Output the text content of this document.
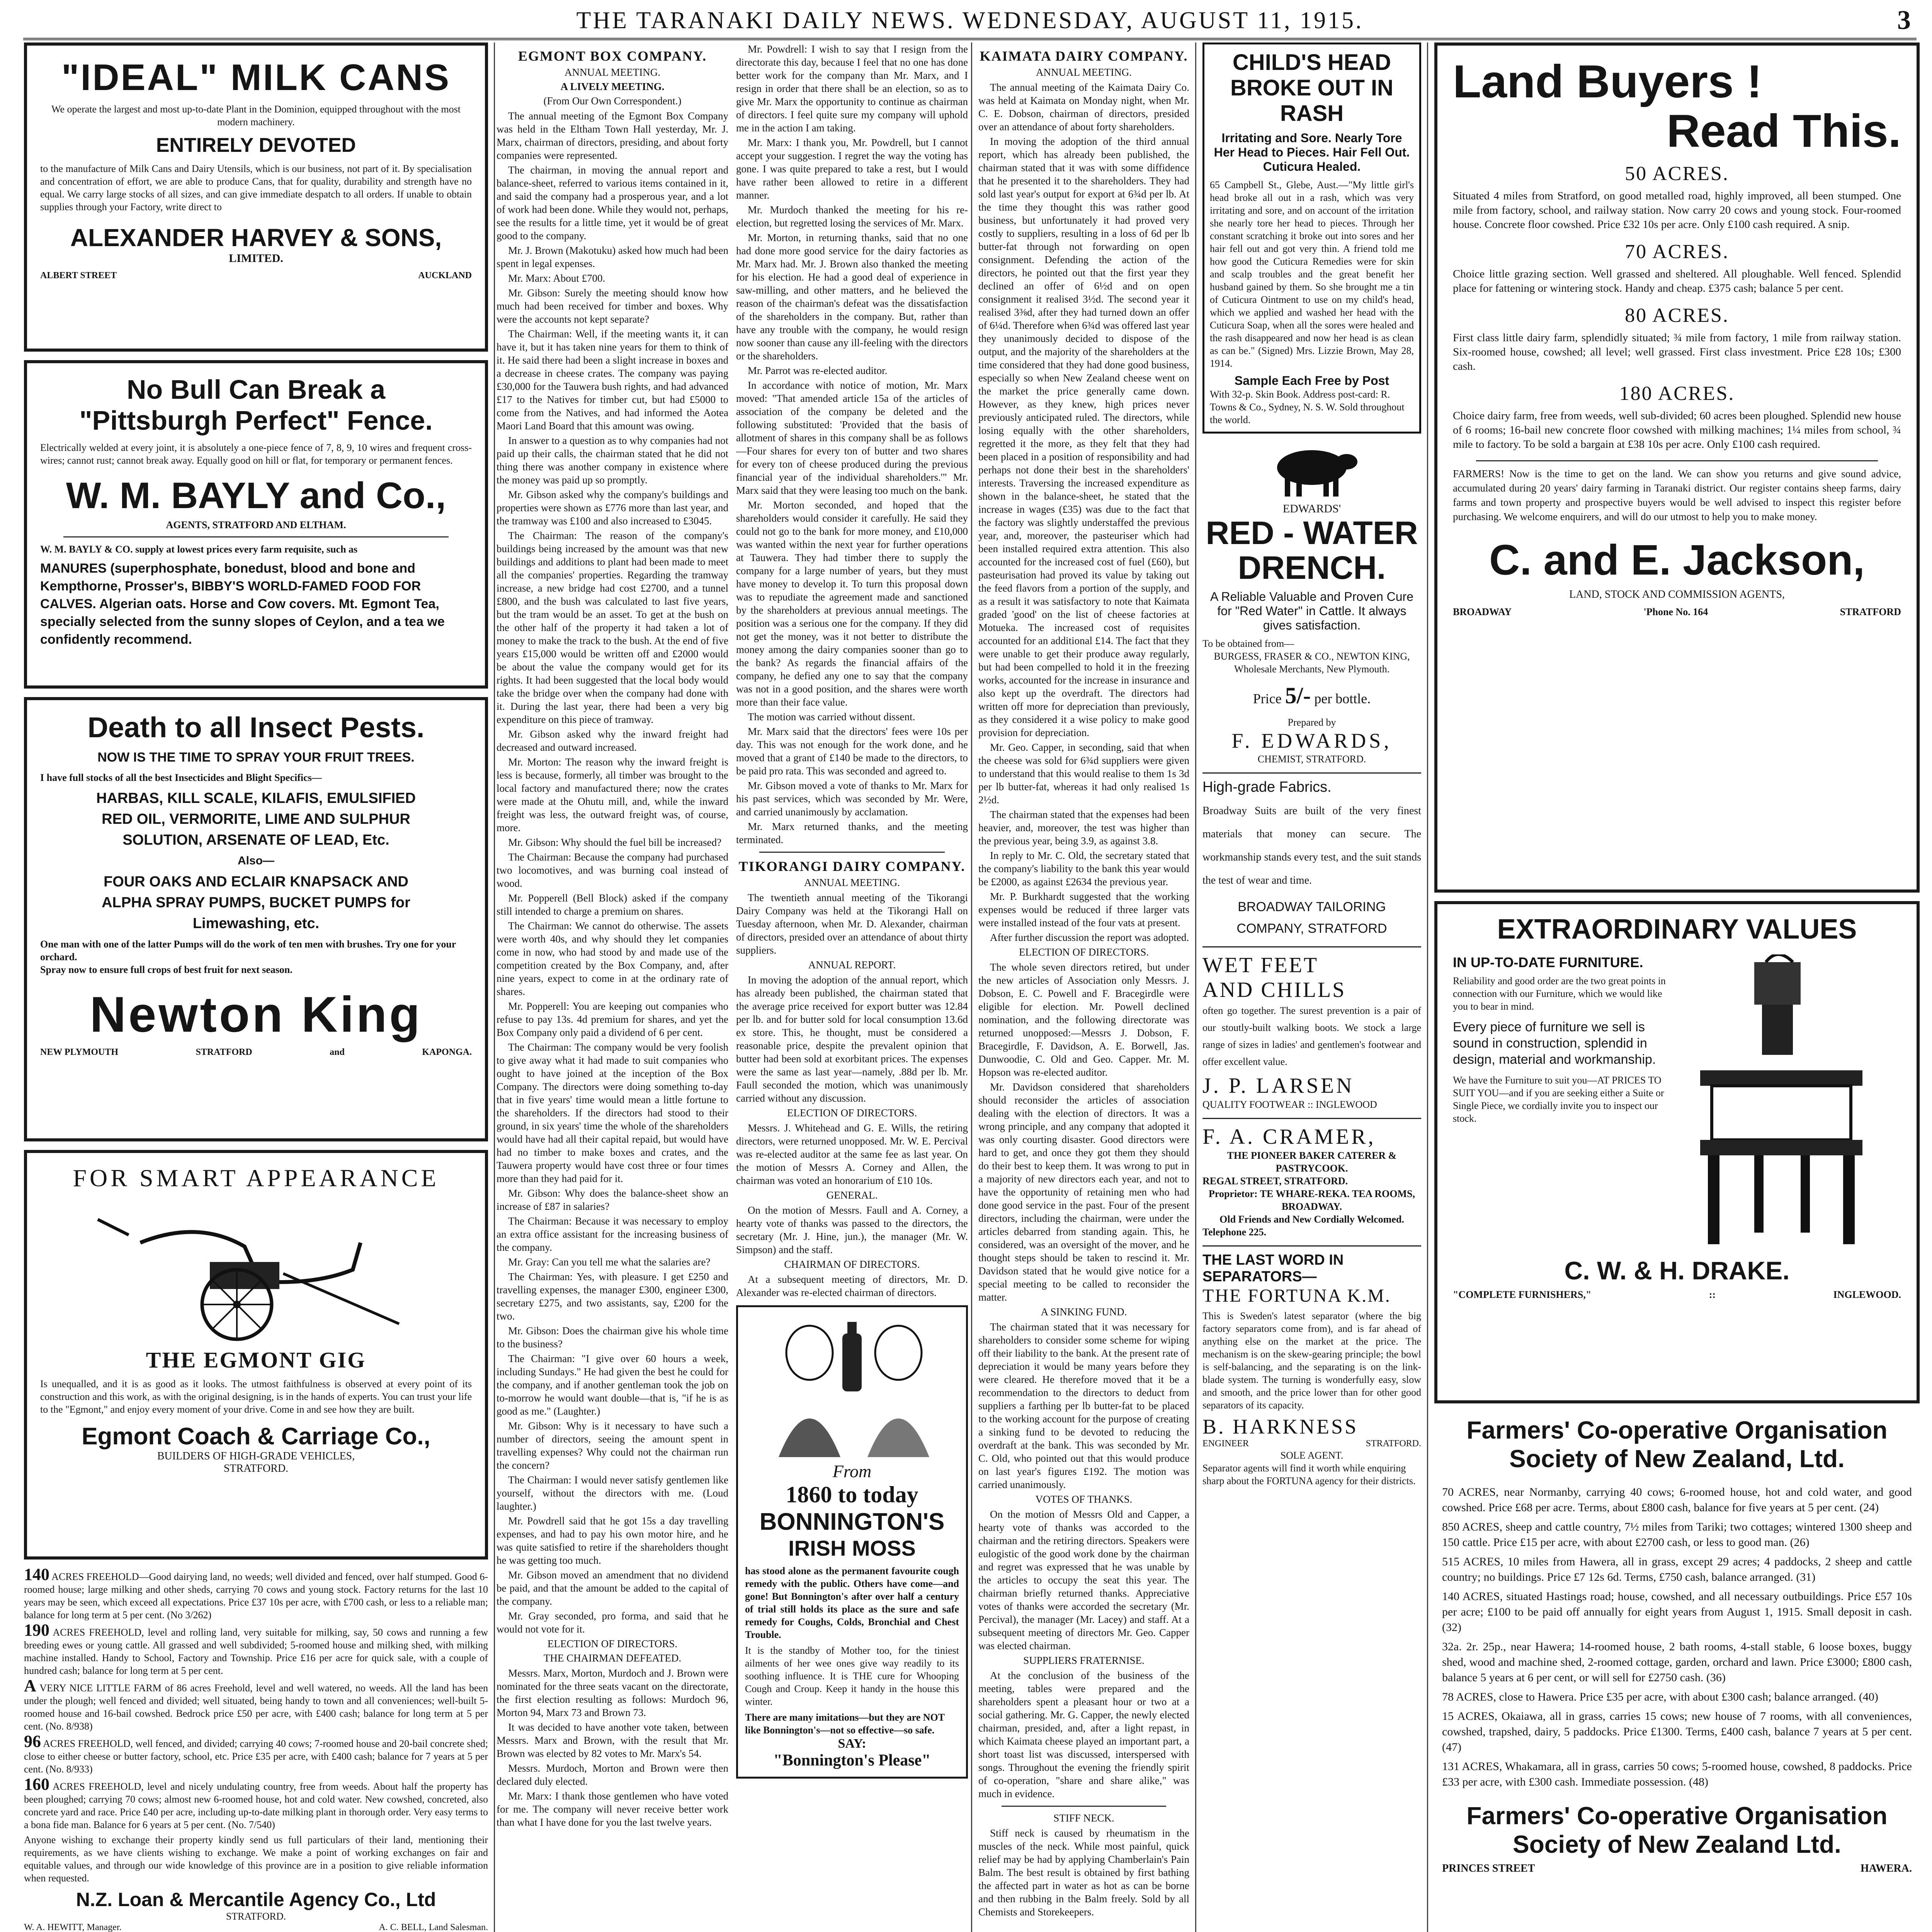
THE TARANAKI DAILY NEWS. WEDNESDAY, AUGUST 11, 1915.	3
"IDEAL" MILK CANS
We operate the largest and most up-to-date Plant in the Dominion, equipped throughout with the most modern machinery.
ENTIRELY DEVOTED
to the manufacture of Milk Cans and Dairy Utensils, which is our business, not part of it. By specialisation and concentration of effort, we are able to produce Cans, that for quality, durability and strength have no equal. We carry large stocks of all sizes, and can give immediate despatch to all orders. If unable to obtain supplies through your Factory, write direct to
ALEXANDER HARVEY & SONS,
LIMITED.
ALBERT STREET	AUCKLAND
No Bull Can Break a
"Pittsburgh Perfect" Fence.
Electrically welded at every joint, it is absolutely a one-piece fence of 7, 8, 9, 10 wires and frequent cross-wires; cannot rust; cannot break away. Equally good on hill or flat, for temporary or permanent fences.
W. M. BAYLY and Co.,
AGENTS, STRATFORD AND ELTHAM.
W. M. BAYLY & CO. supply at lowest prices every farm requisite, such as
MANURES (superphosphate, bonedust, blood and bone and Kempthorne, Prosser's, BIBBY'S WORLD-FAMED FOOD FOR CALVES. Algerian oats. Horse and Cow covers. Mt. Egmont Tea, specially selected from the sunny slopes of Ceylon, and a tea we confidently recommend.
Death to all Insect Pests.
NOW IS THE TIME TO SPRAY YOUR FRUIT TREES.
I have full stocks of all the best Insecticides and Blight Specifics—
HARBAS, KILL SCALE, KILAFIS, EMULSIFIED
RED OIL, VERMORITE, LIME AND SULPHUR
SOLUTION, ARSENATE OF LEAD, Etc.
Also—
FOUR OAKS AND ECLAIR KNAPSACK AND
ALPHA SPRAY PUMPS, BUCKET PUMPS for
Limewashing, etc.
One man with one of the latter Pumps will do the work of ten men with brushes. Try one for your orchard.
Spray now to ensure full crops of best fruit for next season.
Newton King
NEW PLYMOUTH	STRATFORD	and	KAPONGA.
FOR SMART APPEARANCE
THE EGMONT GIG
Is unequalled, and it is as good as it looks. The utmost faithfulness is observed at every point of its construction and this work, as with the original designing, is in the hands of experts. You can trust your life to the "Egmont," and enjoy every moment of your drive. Come in and see how they are built.
Egmont Coach & Carriage Co.,
BUILDERS OF HIGH-GRADE VEHICLES,
STRATFORD.
140 ACRES FREEHOLD—Good dairying land, no weeds; well divided and fenced, over half stumped. Good 6-roomed house; large milking and other sheds, carrying 70 cows and young stock. Factory returns for the last 10 years may be seen, which exceed all expectations. Price £37 10s per acre, with £700 cash, or less to a reliable man; balance for long term at 5 per cent. (No 3/262)
190 ACRES FREEHOLD, level and rolling land, very suitable for milking, say, 50 cows and running a few breeding ewes or young cattle. All grassed and well subdivided; 5-roomed house and milking shed, with milking machine installed. Handy to School, Factory and Township. Price £16 per acre for quick sale, with a couple of hundred cash; balance for long term at 5 per cent.
A VERY NICE LITTLE FARM of 86 acres Freehold, level and well watered, no weeds. All the land has been under the plough; well fenced and divided; well situated, being handy to town and all conveniences; well-built 5-roomed house and 16-bail cowshed. Bedrock price £50 per acre, with £400 cash; balance for long term at 5 per cent. (No. 8/938)
96 ACRES FREEHOLD, well fenced, and divided; carrying 40 cows; 7-roomed house and 20-bail concrete shed; close to either cheese or butter factory, school, etc. Price £35 per acre, with £400 cash; balance for 7 years at 5 per cent. (No. 8/933)
160 ACRES FREEHOLD, level and nicely undulating country, free from weeds. About half the property has been ploughed; carrying 70 cows; almost new 6-roomed house, hot and cold water. New cowshed, concreted, also concrete yard and race. Price £40 per acre, including up-to-date milking plant in thorough order. Very easy terms to a bona fide man. Balance for 6 years at 5 per cent. (No. 7/540)
Anyone wishing to exchange their property kindly send us full particulars of their land, mentioning their requirements, as we have clients wishing to exchange. We make a point of working exchanges on fair and equitable values, and through our wide knowledge of this province are in a position to give reliable information when requested.
N.Z. Loan & Mercantile Agency Co., Ltd
STRATFORD.
W. A. HEWITT, Manager.	A. C. BELL, Land Salesman.
EGMONT BOX COMPANY.
ANNUAL MEETING.
A LIVELY MEETING.
(From Our Own Correspondent.)

The annual meeting of the Egmont Box Company was held in the Eltham Town Hall yesterday, Mr. J. Marx, chairman of directors, presiding, and about forty companies were represented.

The chairman, in moving the annual report and balance-sheet, referred to various items contained in it, and said the company had a prosperous year, and a lot of work had been done. While they would not, perhaps, see the results for a little time, yet it would be of great good to the company.

Mr. J. Brown (Makotuku) asked how much had been spent in legal expenses.

Mr. Marx: About £700.

Mr. Gibson: Surely the meeting should know how much had been received for timber and boxes. Why were the accounts not kept separate?

The Chairman: Well, if the meeting wants it, it can have it, but it has taken nine years for them to think of it. He said there had been a slight increase in boxes and a decrease in cheese crates. The company was paying £30,000 for the Tauwera bush rights, and had advanced £17 to the Natives for timber cut, but had £5000 to come from the Natives, and had informed the Aotea Maori Land Board that this amount was owing.

In answer to a question as to why companies had not paid up their calls, the chairman stated that he did not thing there was another company in existence where the money was paid up so promptly.

Mr. Gibson asked why the company's buildings and properties were shown as £776 more than last year, and the tramway was £100 and also increased to £3045.

The Chairman: The reason of the company's buildings being increased by the amount was that new buildings and additions to plant had been made to meet all the companies' properties. Regarding the tramway increase, a new bridge had cost £2700, and a tunnel £800, and the bush was calculated to last five years, but the tram would be an asset. To get at the bush on the other half of the property it had taken a lot of money to make the track to the bush. At the end of five years £15,000 would be written off and £2000 would be about the value the company would get for its rights. It had been suggested that the local body would take the bridge over when the company had done with it. During the last year, there had been a very big expenditure on this piece of tramway.

Mr. Gibson asked why the inward freight had decreased and outward increased.

Mr. Morton: The reason why the inward freight is less is because, formerly, all timber was brought to the local factory and manufactured there; now the crates were made at the Ohutu mill, and, while the inward freight was less, the outward freight was, of course, more.

Mr. Gibson: Why should the fuel bill be increased?

The Chairman: Because the company had purchased two locomotives, and was burning coal instead of wood.

Mr. Popperell (Bell Block) asked if the company still intended to charge a premium on shares.

The Chairman: We cannot do otherwise. The assets were worth 40s, and why should they let companies come in now, who had stood by and made use of the competition created by the Box Company, and, after nine years, expect to come in at the ordinary rate of shares.

Mr. Popperell: You are keeping out companies who refuse to pay 13s. 4d premium for shares, and yet the Box Company only paid a dividend of 6 per cent.

The Chairman: The company would be very foolish to give away what it had made to suit companies who ought to have joined at the inception of the Box Company. The directors were doing something to-day that in five years' time would mean a little fortune to the shareholders. If the directors had stood to their ground, in six years' time the whole of the shareholders would have had all their capital repaid, but would have had no timber to make boxes and crates, and the Tauwera property would have cost three or four times more than they had paid for it.

Mr. Gibson: Why does the balance-sheet show an increase of £87 in salaries?

The Chairman: Because it was necessary to employ an extra office assistant for the increasing business of the company.

Mr. Gray: Can you tell me what the salaries are?

The Chairman: Yes, with pleasure. I get £250 and travelling expenses, the manager £300, engineer £300, secretary £275, and two assistants, say, £200 for the two.

Mr. Gibson: Does the chairman give his whole time to the business?

The Chairman: "I give over 60 hours a week, including Sundays." He had given the best he could for the company, and if another gentleman took the job on to-morrow he would want double—that is, "if he is as good as me." (Laughter.)

Mr. Gibson: Why is it necessary to have such a number of directors, seeing the amount spent in travelling expenses? Why could not the chairman run the concern?

The Chairman: I would never satisfy gentlemen like yourself, without the directors with me. (Loud laughter.)

Mr. Powdrell said that he got 15s a day travelling expenses, and had to pay his own motor hire, and he was quite satisfied to retire if the shareholders thought he was getting too much.

Mr. Gibson moved an amendment that no dividend be paid, and that the amount be added to the capital of the company.

Mr. Gray seconded, pro forma, and said that he would not vote for it.

ELECTION OF DIRECTORS.
THE CHAIRMAN DEFEATED.

Messrs. Marx, Morton, Murdoch and J. Brown were nominated for the three seats vacant on the directorate, the first election resulting as follows: Murdoch 96, Morton 94, Marx 73 and Brown 73.

It was decided to have another vote taken, between Messrs. Marx and Brown, with the result that Mr. Brown was elected by 82 votes to Mr. Marx's 54.

Messrs. Murdoch, Morton and Brown were then declared duly elected.

Mr. Marx: I thank those gentlemen who have voted for me. The company will never receive better work than what I have done for you the last twelve years.

Mr. Powdrell: I wish to say that I resign from the directorate this day, because I feel that no one has done better work for the company than Mr. Marx, and I resign in order that there shall be an election, so as to give Mr. Marx the opportunity to continue as chairman of directors. I feel quite sure my company will uphold me in the action I am taking.

Mr. Marx: I thank you, Mr. Powdrell, but I cannot accept your suggestion. I regret the way the voting has gone. I was quite prepared to take a rest, but I would have rather been allowed to retire in a different manner.

Mr. Murdoch thanked the meeting for his re-election, but regretted losing the services of Mr. Marx.

Mr. Morton, in returning thanks, said that no one had done more good service for the dairy factories as Mr. Marx had. Mr. J. Brown also thanked the meeting for his election. He had a good deal of experience in saw-milling, and other matters, and he believed the reason of the chairman's defeat was the dissatisfaction of the shareholders in the company. But, rather than have any trouble with the company, he would resign now sooner than cause any ill-feeling with the directors or the shareholders.

Mr. Parrot was re-elected auditor.

In accordance with notice of motion, Mr. Marx moved: "That amended article 15a of the articles of association of the company be deleted and the following substituted: 'Provided that the basis of allotment of shares in this company shall be as follows—Four shares for every ton of butter and two shares for every ton of cheese produced during the previous financial year of the individual shareholders.'" Mr. Marx said that they were leasing too much on the bank.

Mr. Morton seconded, and hoped that the shareholders would consider it carefully. He said they could not go to the bank for more money, and £10,000 was wanted within the next year for further operations at Tauwera. They had timber there to supply the company for a large number of years, but they must have money to develop it. To turn this proposal down was to repudiate the agreement made and sanctioned by the shareholders at previous annual meetings. The position was a serious one for the company. If they did not get the money, was it not better to distribute the money among the dairy companies sooner than go to the bank? As regards the financial affairs of the company, he defied any one to say that the company was not in a good position, and the shares were worth more than their face value.

The motion was carried without dissent.

Mr. Marx said that the directors' fees were 10s per day. This was not enough for the work done, and he moved that a grant of £140 be made to the directors, to be paid pro rata. This was seconded and agreed to.

Mr. Gibson moved a vote of thanks to Mr. Marx for his past services, which was seconded by Mr. Were, and carried unanimously by acclamation.

Mr. Marx returned thanks, and the meeting terminated.

TIKORANGI DAIRY COMPANY.
ANNUAL MEETING.

The twentieth annual meeting of the Tikorangi Dairy Company was held at the Tikorangi Hall on Tuesday afternoon, when Mr. D. Alexander, chairman of directors, presided over an attendance of about thirty suppliers.

ANNUAL REPORT.

In moving the adoption of the annual report, which has already been published, the chairman stated that the average price received for export butter was 12.84 per lb. and for butter sold for local consumption 13.6d ex store. This, he thought, must be considered a reasonable price, despite the prevalent opinion that butter had been sold at exorbitant prices. The expenses were the same as last year—namely, .88d per lb. Mr. Faull seconded the motion, which was unanimously carried without any discussion.

ELECTION OF DIRECTORS.

Messrs. J. Whitehead and G. E. Wills, the retiring directors, were returned unopposed. Mr. W. E. Percival was re-elected auditor at the same fee as last year. On the motion of Messrs A. Corney and Allen, the chairman was voted an honorarium of £10 10s.

GENERAL.

On the motion of Messrs. Faull and A. Corney, a hearty vote of thanks was passed to the directors, the secretary (Mr. J. Hine, jun.), the manager (Mr. W. Simpson) and the staff.

CHAIRMAN OF DIRECTORS.

At a subsequent meeting of directors, Mr. D. Alexander was re-elected chairman of directors.

From
1860 to today
BONNINGTON'S
IRISH MOSS
has stood alone as the permanent favourite cough remedy with the public. Others have come—and gone! But Bonnington's after over half a century of trial still holds its place as the sure and safe remedy for Coughs, Colds, Bronchial and Chest Trouble.
It is the standby of Mother too, for the tiniest ailments of her wee ones give way readily to its soothing influence. It is THE cure for Whooping Cough and Croup. Keep it handy in the house this winter.
There are many imitations—but they are NOT like Bonnington's—not so effective—so safe.
SAY:
"Bonnington's Please"
KAIMATA DAIRY COMPANY.
ANNUAL MEETING.

The annual meeting of the Kaimata Dairy Co. was held at Kaimata on Monday night, when Mr. C. E. Dobson, chairman of directors, presided over an attendance of about forty shareholders.

In moving the adoption of the third annual report, which has already been published, the chairman stated that it was with some diffidence that he presented it to the shareholders. They had sold last year's output for export at 6¾d per lb. At the time they thought this was rather good business, but unfortunately it had proved very costly to suppliers, resulting in a loss of 6d per lb butter-fat through not forwarding on open consignment. Defending the action of the directors, he pointed out that the first year they declined an offer of 6½d and on open consignment it realised 3½d. The second year it realised 3⅜d, after they had turned down an offer of 6¼d. Therefore when 6¾d was offered last year they unanimously decided to dispose of the output, and the majority of the shareholders at the time considered that they had done good business, especially so when New Zealand cheese went on the market the price generally came down. However, as they knew, high prices never previously anticipated ruled. The directors, while losing equally with the other shareholders, regretted it the more, as they felt that they had been placed in a position of responsibility and had perhaps not done their best in the shareholders' interests. Traversing the increased expenditure as shown in the balance-sheet, he stated that the increase in wages (£35) was due to the fact that the factory was slightly understaffed the previous year, and, moreover, the pasteuriser which had been installed required extra attention. This also accounted for the increased cost of fuel (£60), but pasteurisation had proved its value by taking out the feed flavors from a portion of the supply, and as a result it was satisfactory to note that Kaimata graded 'good' on the list of cheese factories at Motueka. The increased cost of requisites accounted for an additional £14. The fact that they were unable to get their produce away regularly, but had been compelled to hold it in the freezing works, accounted for the increase in insurance and also kept up the overdraft. The directors had written off more for depreciation than previously, as they considered it a wise policy to make good provision for depreciation.

Mr. Geo. Capper, in seconding, said that when the cheese was sold for 6¾d suppliers were given to understand that this would realise to them 1s 3d per lb butter-fat, whereas it had only realised 1s 2½d.

The chairman stated that the expenses had been heavier, and, moreover, the test was higher than the previous year, being 3.9, as against 3.8.

In reply to Mr. C. Old, the secretary stated that the company's liability to the bank this year would be £2000, as against £2634 the previous year.

Mr. P. Burkhardt suggested that the working expenses would be reduced if three larger vats were installed instead of the four vats at present.

After further discussion the report was adopted.

ELECTION OF DIRECTORS.

The whole seven directors retired, but under the new articles of Association only Messrs. J. Dobson, E. C. Powell and F. Bracegirdle were eligible for election. Mr. Powell declined nomination, and the following directorate was returned unopposed:—Messrs J. Dobson, F. Bracegirdle, F. Davidson, A. E. Borwell, Jas. Dunwoodie, C. Old and Geo. Capper. Mr. M. Hopson was re-elected auditor.

Mr. Davidson considered that shareholders should reconsider the articles of association dealing with the election of directors. It was a wrong principle, and any company that adopted it was only courting disaster. Good directors were hard to get, and once they got them they should do their best to keep them. It was wrong to put in a majority of new directors each year, and not to have the opportunity of retaining men who had done good service in the past. Four of the present directors, including the chairman, were under the articles debarred from standing again. This, he considered, was an oversight of the mover, and he thought steps should be taken to rescind it. Mr. Davidson stated that he would give notice for a special meeting to be called to reconsider the matter.

A SINKING FUND.

The chairman stated that it was necessary for shareholders to consider some scheme for wiping off their liability to the bank. At the present rate of depreciation it would be many years before they were cleared. He therefore moved that it be a recommendation to the directors to deduct from suppliers a farthing per lb butter-fat to be placed to the working account for the purpose of creating a sinking fund to be devoted to reducing the overdraft at the bank. This was seconded by Mr. C. Old, who pointed out that this would produce on last year's figures £192. The motion was carried unanimously.

VOTES OF THANKS.

On the motion of Messrs Old and Capper, a hearty vote of thanks was accorded to the chairman and the retiring directors. Speakers were eulogistic of the good work done by the chairman and regret was expressed that he was unable by the articles to occupy the seat this year. The chairman briefly returned thanks. Appreciative votes of thanks were accorded the secretary (Mr. Percival), the manager (Mr. Lacey) and staff. At a subsequent meeting of directors Mr. Geo. Capper was elected chairman.

SUPPLIERS FRATERNISE.

At the conclusion of the business of the meeting, tables were prepared and the shareholders spent a pleasant hour or two at a social gathering. Mr. G. Capper, the newly elected chairman, presided, and, after a light repast, in which Kaimata cheese played an important part, a short toast list was discussed, interspersed with songs. Throughout the evening the friendly spirit of co-operation, "share and share alike," was much in evidence.

STIFF NECK.

Stiff neck is caused by rheumatism in the muscles of the neck. While most painful, quick relief may be had by applying Chamberlain's Pain Balm. The best result is obtained by first bathing the affected part in water as hot as can be borne and then rubbing in the Balm freely. Sold by all Chemists and Storekeepers.

CHILD'S HEAD BROKE OUT IN RASH
Irritating and Sore. Nearly Tore Her Head to Pieces. Hair Fell Out. Cuticura Healed.
65 Campbell St., Glebe, Aust.—"My little girl's head broke all out in a rash, which was very irritating and sore, and on account of the irritation she nearly tore her head to pieces. Through her constant scratching it broke out into sores and her hair fell out and got very thin. A friend told me how good the Cuticura Remedies were for skin and scalp troubles and the great benefit her husband gained by them. So she brought me a tin of Cuticura Ointment to use on my child's head, which we applied and washed her head with the Cuticura Soap, when all the sores were healed and the rash disappeared and now her head is as clean as can be." (Signed) Mrs. Lizzie Brown, May 28, 1914.
Sample Each Free by Post
With 32-p. Skin Book. Address post-card: R. Towns & Co., Sydney, N. S. W. Sold throughout the world.
EDWARDS'
RED - WATER DRENCH.
A Reliable Valuable and Proven Cure for "Red Water" in Cattle. It always gives satisfaction.
To be obtained from—
BURGESS, FRASER & CO., NEWTON KING, Wholesale Merchants, New Plymouth.
Price 5/- per bottle.
Prepared by
F. EDWARDS,
CHEMIST, STRATFORD.
High-grade Fabrics.
Broadway Suits are built of the very finest materials that money can secure. The workmanship stands every test, and the suit stands the test of wear and time.
BROADWAY TAILORING COMPANY, STRATFORD
WET FEET
AND CHILLS
often go together. The surest prevention is a pair of our stoutly-built walking boots. We stock a large range of sizes in ladies' and gentlemen's footwear and offer excellent value.
J. P. LARSEN
QUALITY FOOTWEAR :: INGLEWOOD
F. A. CRAMER,
THE PIONEER BAKER CATERER & PASTRYCOOK.
REGAL STREET, STRATFORD.
Proprietor: TE WHARE-REKA. TEA ROOMS, BROADWAY.
Old Friends and New Cordially Welcomed.
Telephone 225.
THE LAST WORD IN SEPARATORS—
THE FORTUNA K.M.
This is Sweden's latest separator (where the big factory separators come from), and is far ahead of anything else on the market at the price. The mechanism is on the skew-gearing principle; the bowl is self-balancing, and the separating is on the link-blade system. The turning is wonderfully easy, slow and smooth, and the price lower than for other good separators of its capacity.
B. HARKNESS
ENGINEER	STRATFORD.
SOLE AGENT.
Separator agents will find it worth while enquiring sharp about the FORTUNA agency for their districts.
Land Buyers !
Read This.
50 ACRES.
Situated 4 miles from Stratford, on good metalled road, highly improved, all been stumped. One mile from factory, school, and railway station. Now carry 20 cows and young stock. Four-roomed house. Concrete floor cowshed. Price £32 10s per acre. Only £100 cash required. A snip.
70 ACRES.
Choice little grazing section. Well grassed and sheltered. All ploughable. Well fenced. Splendid place for fattening or wintering stock. Handy and cheap. £375 cash; balance 5 per cent.
80 ACRES.
First class little dairy farm, splendidly situated; ¾ mile from factory, 1 mile from railway station. Six-roomed house, cowshed; all level; well grassed. First class investment. Price £28 10s; £300 cash.
180 ACRES.
Choice dairy farm, free from weeds, well sub-divided; 60 acres been ploughed. Splendid new house of 6 rooms; 16-bail new concrete floor cowshed with milking machines; 1¼ miles from school, ¾ mile to factory. To be sold a bargain at £38 10s per acre. Only £100 cash required.
FARMERS! Now is the time to get on the land. We can show you returns and give sound advice, accumulated during 20 years' dairy farming in Taranaki district. Our register contains sheep farms, dairy farms and town property and prospective buyers would be well advised to inspect this register before purchasing. We welcome enquirers, and will do our utmost to help you to make money.
C. and E. Jackson,
LAND, STOCK AND COMMISSION AGENTS,
BROADWAY	'Phone No. 164	STRATFORD
EXTRAORDINARY VALUES
IN UP-TO-DATE FURNITURE.
Reliability and good order are the two great points in connection with our Furniture, which we would like you to bear in mind.
Every piece of furniture we sell is sound in construction, splendid in design, material and workmanship.
We have the Furniture to suit you—AT PRICES TO SUIT YOU—and if you are seeking either a Suite or Single Piece, we cordially invite you to inspect our stock.
C. W. & H. DRAKE.
"COMPLETE FURNISHERS,"	::	INGLEWOOD.
Farmers' Co-operative Organisation
Society of New Zealand, Ltd.

70 ACRES, near Normanby, carrying 40 cows; 6-roomed house, hot and cold water, and good cowshed. Price £68 per acre. Terms, about £800 cash, balance for five years at 5 per cent. (24)

850 ACRES, sheep and cattle country, 7½ miles from Tariki; two cottages; wintered 1300 sheep and 150 cattle. Price £15 per acre, with about £2700 cash, or less to good man. (26)

515 ACRES, 10 miles from Hawera, all in grass, except 29 acres; 4 paddocks, 2 sheep and cattle country; no buildings. Price £7 12s 6d. Terms, £750 cash, balance arranged. (31)

140 ACRES, situated Hastings road; house, cowshed, and all necessary outbuildings. Price £57 10s per acre; £100 to be paid off annually for eight years from August 1, 1915. Small deposit in cash. (32)

32a. 2r. 25p., near Hawera; 14-roomed house, 2 bath rooms, 4-stall stable, 6 loose boxes, buggy shed, wood and machine shed, 2-roomed cottage, garden, orchard and lawn. Price £3000; £800 cash, balance 5 years at 6 per cent, or will sell for £2750 cash. (36)

78 ACRES, close to Hawera. Price £35 per acre, with about £300 cash; balance arranged. (40)

15 ACRES, Okaiawa, all in grass, carries 15 cows; new house of 7 rooms, with all conveniences, cowshed, trapshed, dairy, 5 paddocks. Price £1300. Terms, £400 cash, balance 7 years at 5 per cent. (47)

131 ACRES, Whakamara, all in grass, carries 50 cows; 5-roomed house, cowshed, 8 paddocks. Price £33 per acre, with £300 cash. Immediate possession. (48)

Farmers' Co-operative Organisation
Society of New Zealand Ltd.
PRINCES STREET	HAWERA.
